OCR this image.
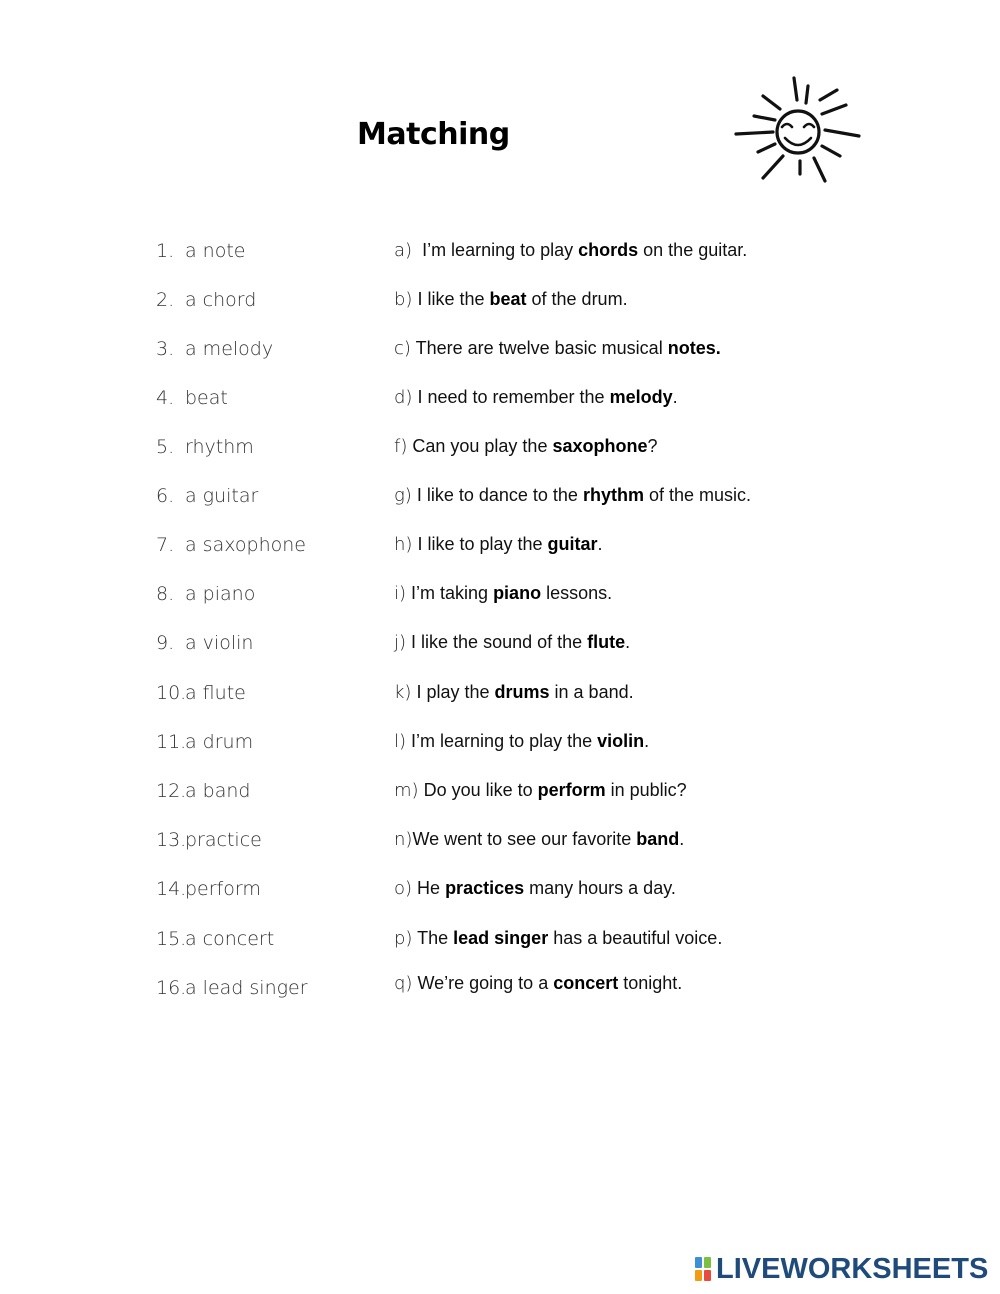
Matching
1. a note	a)  I’m learning to play chords on the guitar.
2. a chord	b) I like the beat of the drum.
3. a melody	c) There are twelve basic musical notes.
4. beat	d) I need to remember the melody.
5. rhythm	f) Can you play the saxophone?
6. a guitar	g) I like to dance to the rhythm of the music.
7. a saxophone	h) I like to play the guitar.
8. a piano	i) I’m taking piano lessons.
9. a violin	j) I like the sound of the flute.
10.a flute	k) I play the drums in a band.
11.a drum	l) I’m learning to play the violin.
12.a band	m) Do you like to perform in public?
13.practice	n)We went to see our favorite band.
14.perform	o) He practices many hours a day.
15.a concert	p) The lead singer has a beautiful voice.
16.a lead singer	q) We’re going to a concert tonight.
LIVEWORKSHEETS
